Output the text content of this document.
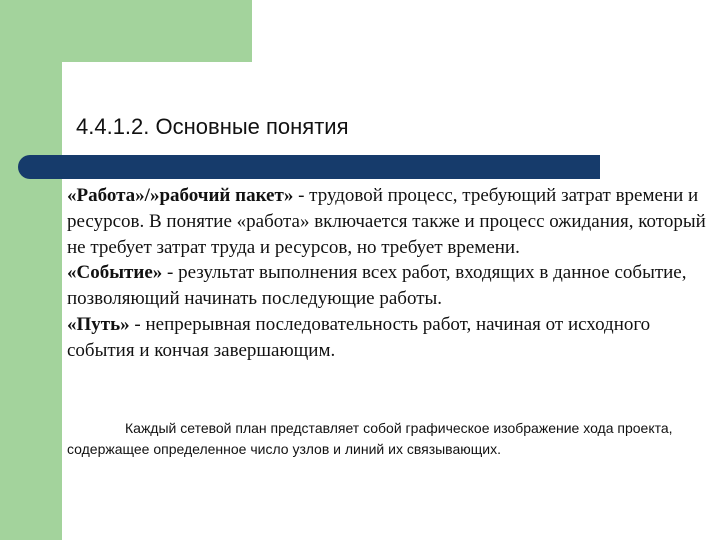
4.4.1.2. Основные понятия

«Работа»/»рабочий пакет» - трудовой процесс, требующий затрат времени и ресурсов. В понятие «работа» включается также и процесс ожидания, который не требует затрат труда и ресурсов, но требует времени.

«Событие» - результат выполнения всех работ, входящих в данное событие, позволяющий начинать последующие работы.

«Путь» - непрерывная последовательность работ, начиная от исходного события и кончая завершающим.

Каждый сетевой план представляет собой графическое изображение хода проекта, содержащее определенное число узлов и линий их связывающих.
